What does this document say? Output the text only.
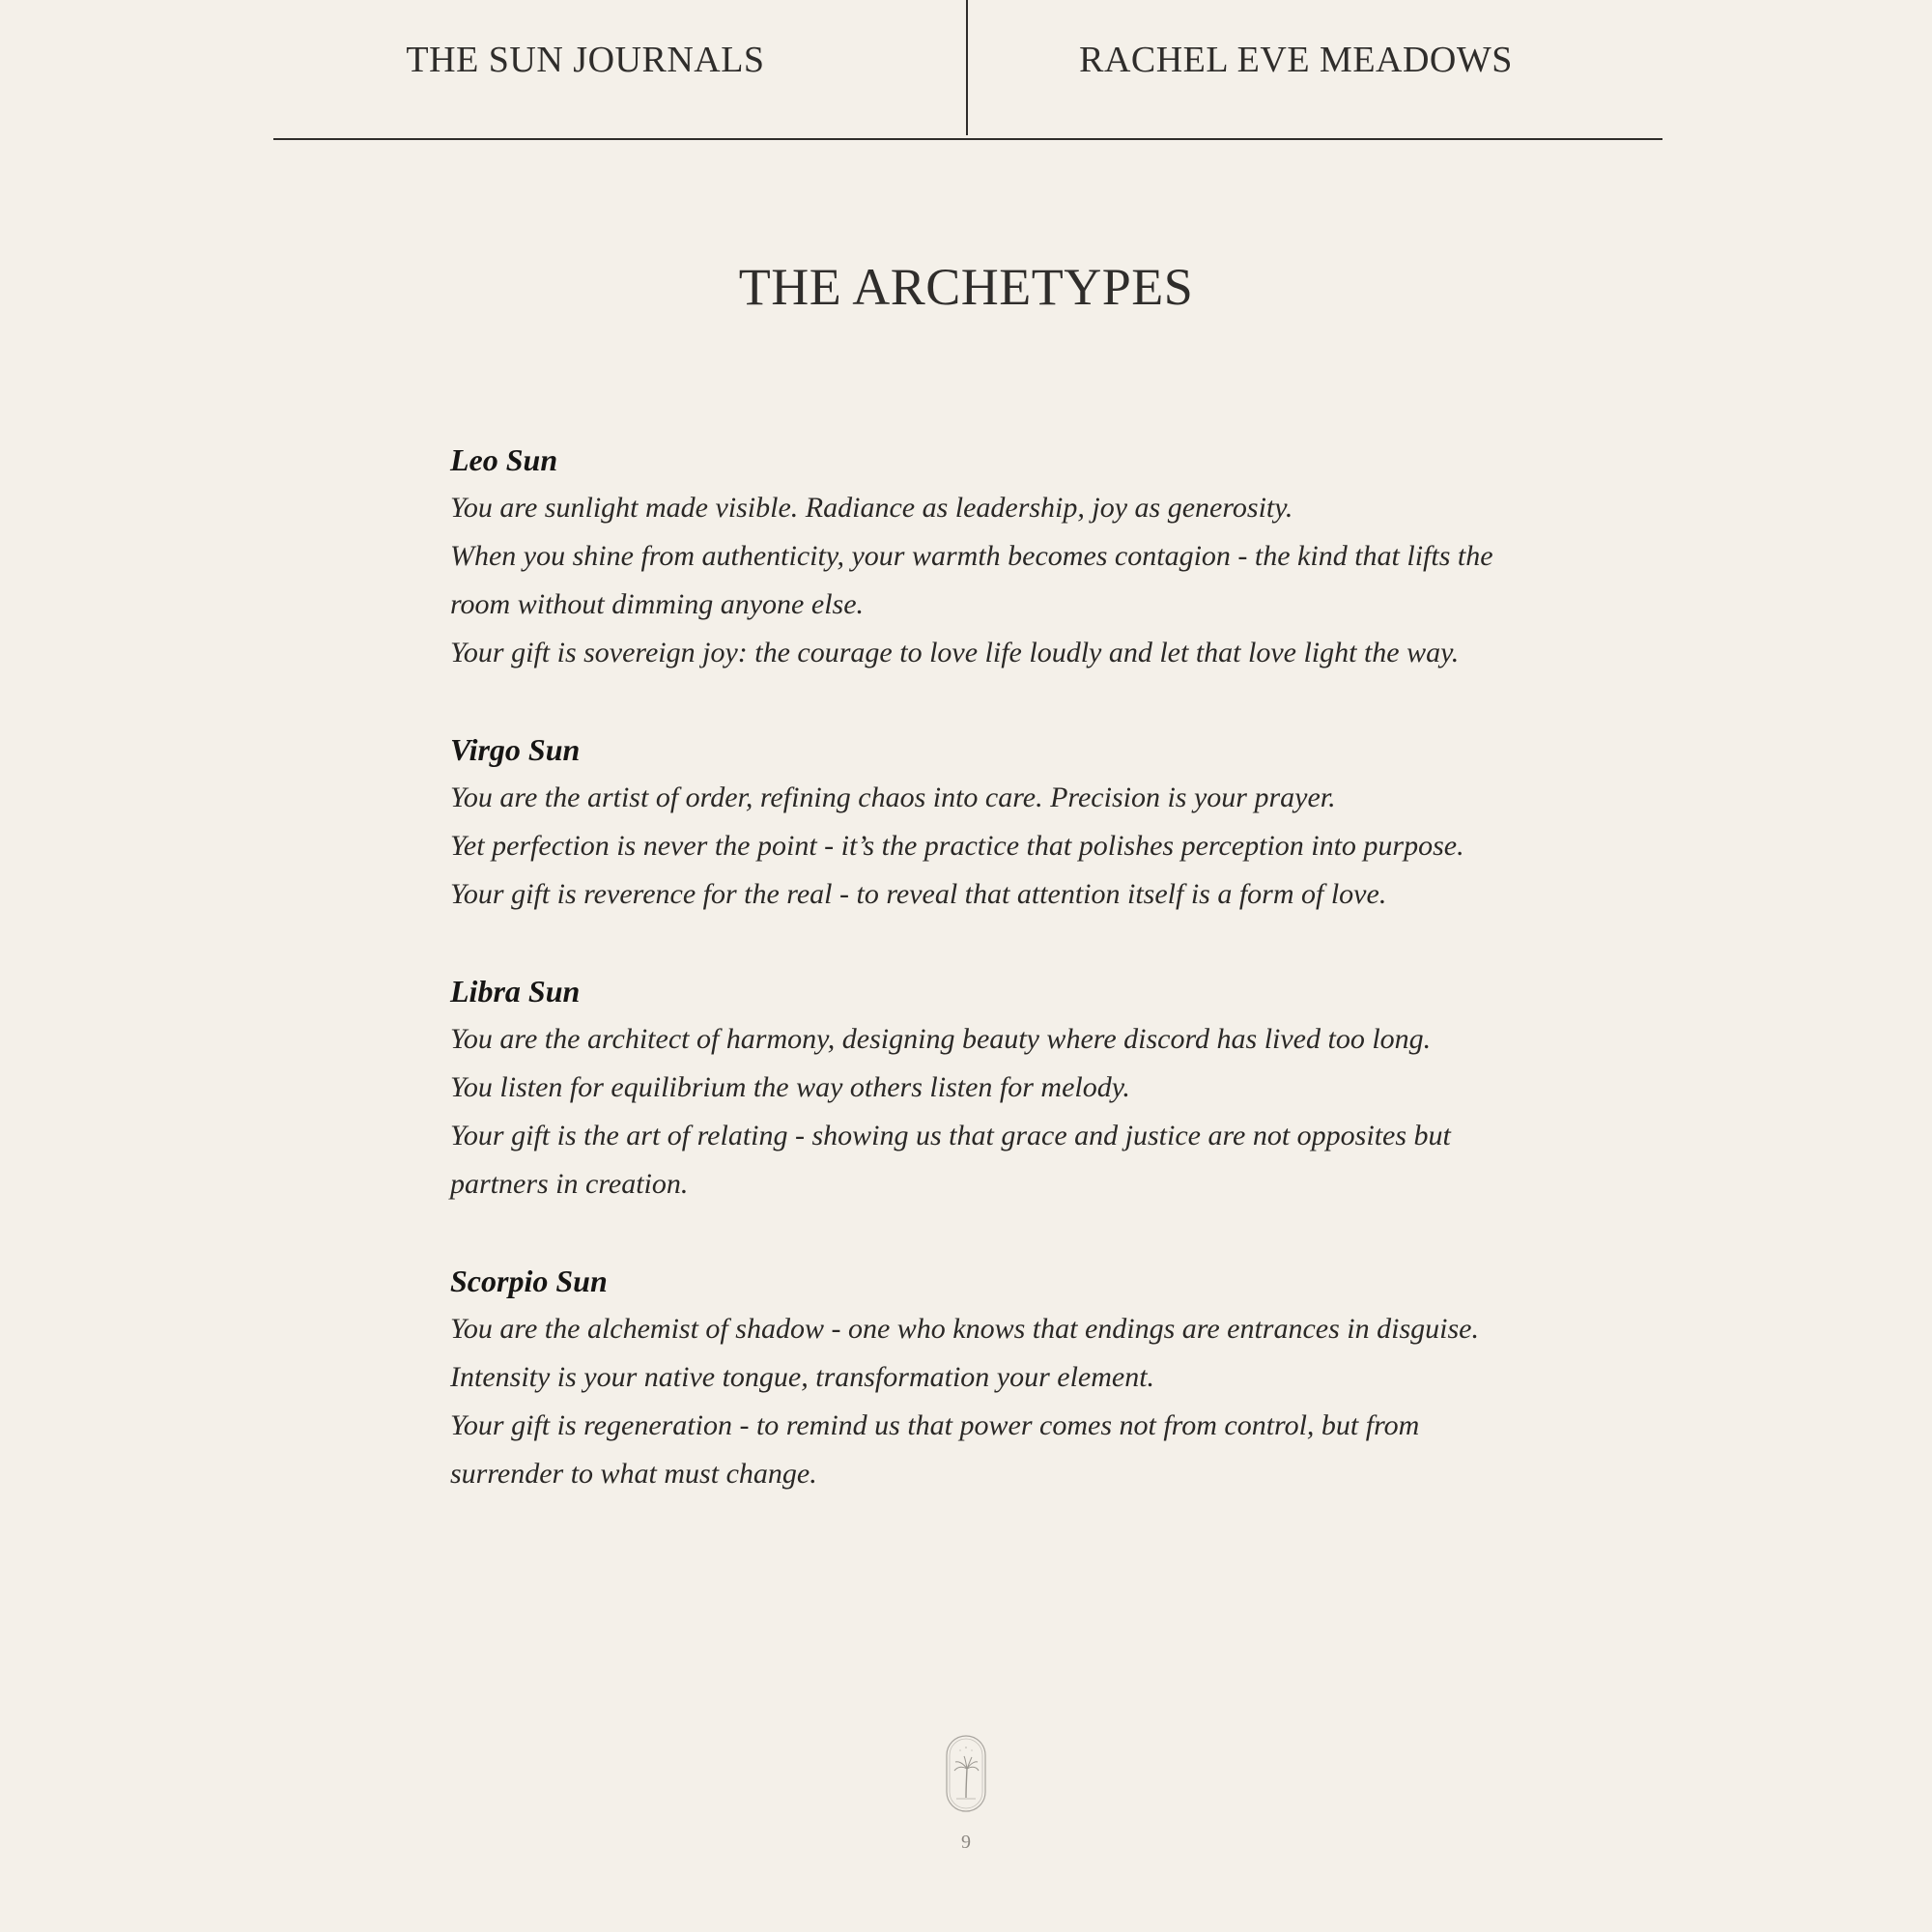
THE SUN JOURNALS	RACHEL EVE MEADOWS
THE ARCHETYPES

Leo Sun

You are sunlight made visible. Radiance as leadership, joy as generosity.

When you shine from authenticity, your warmth becomes contagion - the kind that lifts the

room without dimming anyone else.

Your gift is sovereign joy: the courage to love life loudly and let that love light the way.

Virgo Sun

You are the artist of order, refining chaos into care. Precision is your prayer.

Yet perfection is never the point - it’s the practice that polishes perception into purpose.

Your gift is reverence for the real - to reveal that attention itself is a form of love.

Libra Sun

You are the architect of harmony, designing beauty where discord has lived too long.

You listen for equilibrium the way others listen for melody.

Your gift is the art of relating - showing us that grace and justice are not opposites but

partners in creation.

Scorpio Sun

You are the alchemist of shadow - one who knows that endings are entrances in disguise.

Intensity is your native tongue, transformation your element.

Your gift is regeneration - to remind us that power comes not from control, but from

surrender to what must change.

9
